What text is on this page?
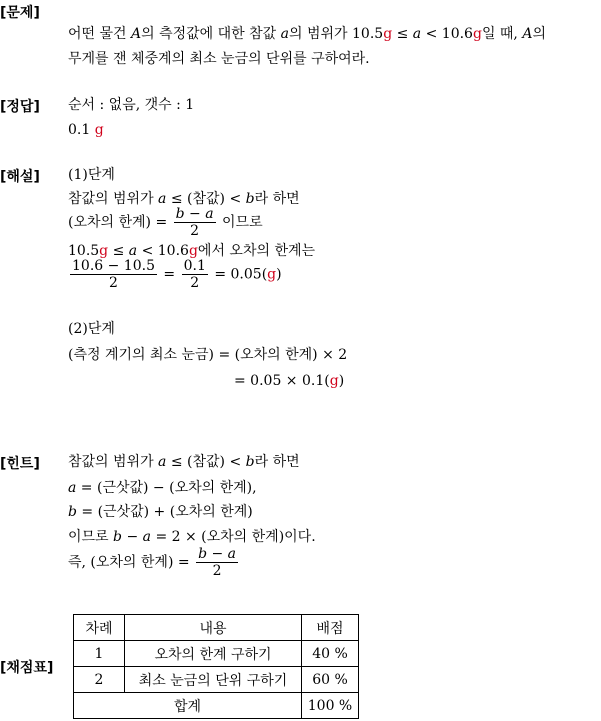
[문제]
[정답]
[해설]
[힌트]
[채점표]
어떤 물건 A의 측정값에 대한 참값 a의 범위가 10.5g ≤ a < 10.6g일 때, A의
무게를 잰 체중계의 최소 눈금의 단위를 구하여라.
순서 : 없음, 갯수 : 1
0.1 g
(1)단계
참값의 범위가 a ≤ (참값) < b라 하면
(오차의 한계) = $\frac{b - a}{2}$ 이므로
10.5g ≤ a < 10.6g에서 오차의 한계는
$\frac{10.6 - 10.5}{2} = \frac{0.1}{2} = 0.05(g)$
(2)단계
(측정 계기의 최소 눈금) = (오차의 한계) × 2
= 0.05 × 0.1(g)
참값의 범위가 a ≤ (참값) < b라 하면
a = (근삿값) − (오차의 한계),
b = (근삿값) + (오차의 한계)
이므로 b − a = 2 × (오차의 한계)이다.
즉, (오차의 한계) = $\frac{b - a}{2}$
차례	내용	배점
1	오차의 한계 구하기	40 %
2	최소 눈금의 단위 구하기	60 %
합계		100 %
